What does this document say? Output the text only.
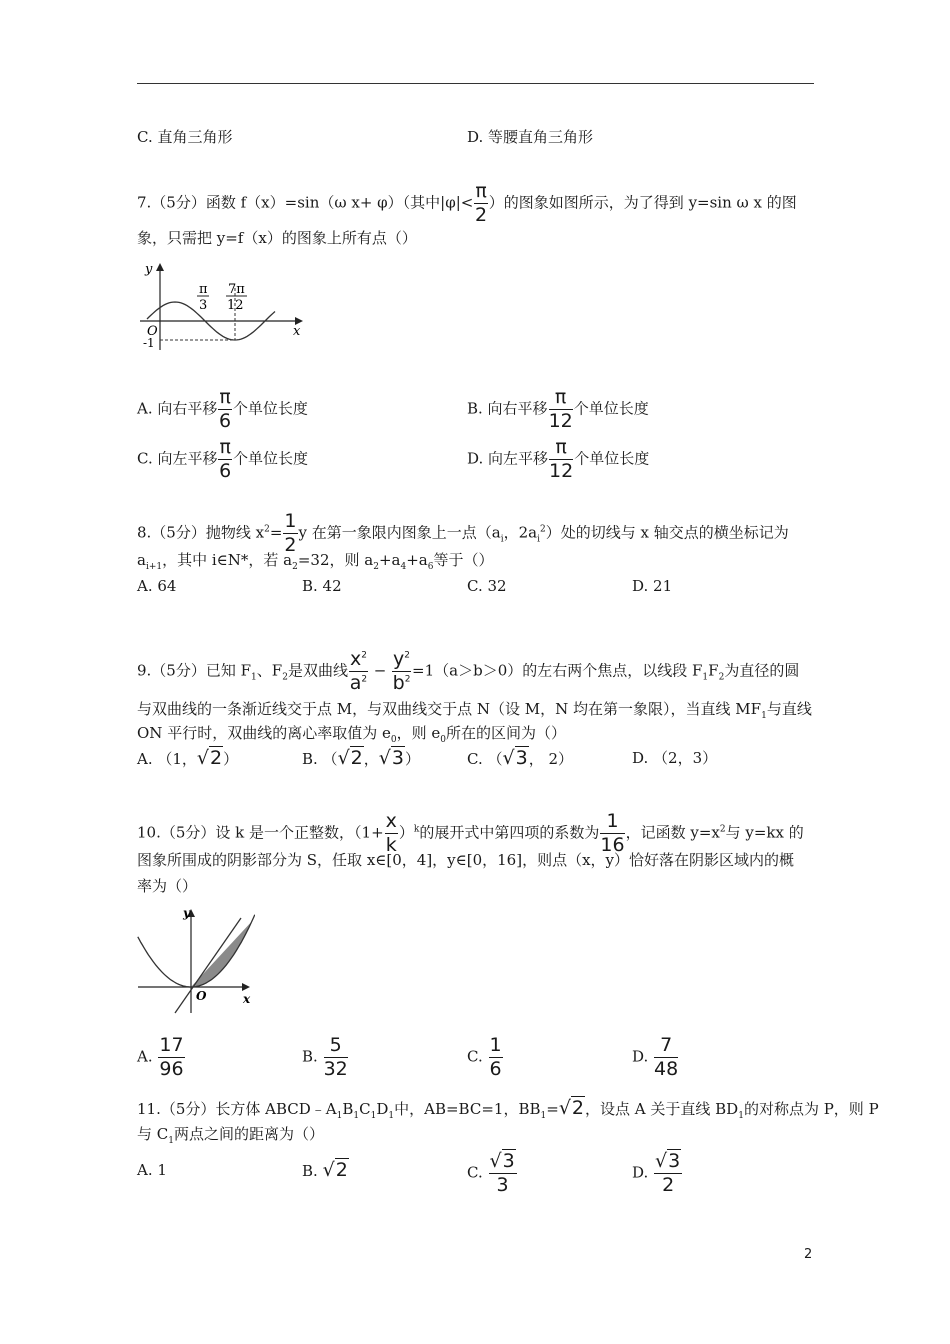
C. 直角三角形	D. 等腰直角三角形
7.（5分）函数 f（x）=sin（ω x+ φ）（其中$|\varphi|< \frac{\pi}{2}$ ）的图象如图所示，为了得到 y=sin ω x 的图
象，只需把 y=f（x）的图象上所有点（）
y
x
O
-1
π
3
7π
12
A. 向右平移 $\frac{\pi}{6}$ 个单位长度	B. 向右平移 $\frac{\pi}{12}$ 个单位长度
C. 向左平移 $\frac{\pi}{6}$ 个单位长度	D. 向左平移 $\frac{\pi}{12}$ 个单位长度
8.（5分）抛物线 $x^2= \frac{1}{2}$ y 在第一象限内图象上一点（$a_i$，$2a_i^2$）处的切线与 x 轴交点的横坐标记为
$a_{i+1}$，其中 i∈N*，若 $a_2=32$，则 $a_2+a_4+a_6$等于（）
A. 64	B. 42	C. 32	D. 21
9.（5分）已知 $F_1$、$F_2$是双曲线 $\frac{x^2}{a^2} - \frac{y^2}{b^2} =1(a>b>0)$的左右两个焦点，以线段 $F_1F_2$为直径的圆
与双曲线的一条渐近线交于点 M，与双曲线交于点 N（设 M，N 均在第一象限），当直线 $MF_1$与直线
ON 平行时，双曲线的离心率取值为 $e_0$，则 $e_0$所在的区间为（）
A. （1，√2）	B. （√2，√3）	C. （√3， 2）	D. （2，3）
10.（5分）设 k 是一个正整数，$(1+ \frac{x}{k} )^k$的展开式中第四项的系数为 $\frac{1}{16}$ ，记函数 $y=x^2$与 y=kx 的
图象所围成的阴影部分为 S，任取 x∈[0，4]，y∈[0，16]，则点（x，y）恰好落在阴影区域内的概
率为（）
y
x
O
A. $\frac{17}{96}$	B. $\frac{5}{32}$	C. $\frac{1}{6}$	D. $\frac{7}{48}$
11.（5分）长方体 $ABCD﹣A_1B_1C_1D_1$中，AB=BC=1，$BB_1=√2$，设点 A 关于直线 $BD_1$的对称点为 P，则 P
与 $C_1$两点之间的距离为（）
A. 1	B. √2	C. $\frac{√3}{3}$	D. $\frac{√3}{2}$
2
